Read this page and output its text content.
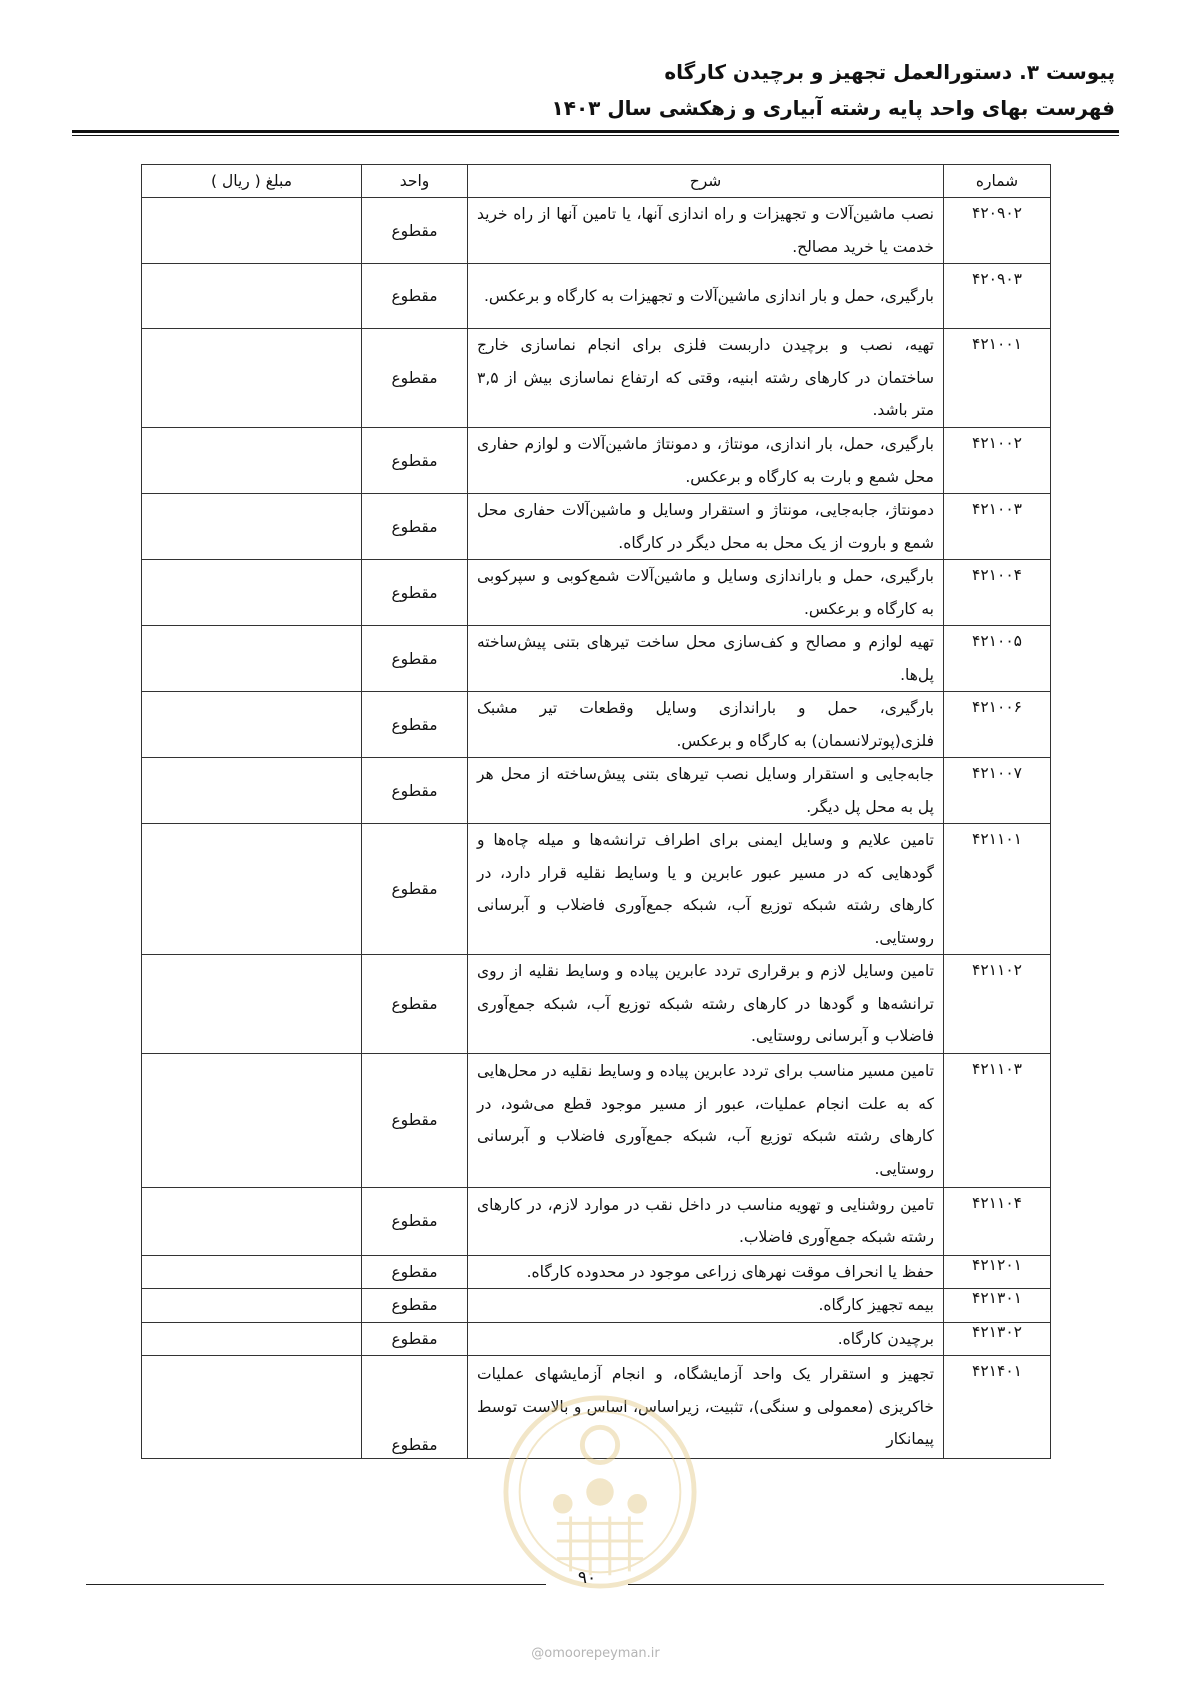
پیوست ۳. دستورالعمل تجهیز و برچیدن کارگاه
فهرست بهای واحد پایه رشته آبیاری و زهکشی سال ۱۴۰۳
شماره	شرح	واحد	مبلغ ( ریال )
۴۲۰۹۰۲	نصب ماشین‌آلات و تجهیزات و راه اندازی آنها، یا تامین آنها از راه خرید خدمت یا خرید مصالح.	مقطوع	
۴۲۰۹۰۳	بارگیری، حمل و بار اندازی ماشین‌آلات و تجهیزات به کارگاه و برعکس.	مقطوع	
۴۲۱۰۰۱	تهیه، نصب و برچیدن داربست فلزی برای انجام نماسازی خارج ساختمان در کارهای رشته ابنیه، وقتی که ارتفاع نماسازی بیش از ۳,۵ متر باشد.	مقطوع	
۴۲۱۰۰۲	بارگیری، حمل، بار اندازی، مونتاژ، و دمونتاژ ماشین‌آلات و لوازم حفاری محل شمع و بارت به کارگاه و برعکس.	مقطوع	
۴۲۱۰۰۳	دمونتاژ، جابه‌جایی، مونتاژ و استقرار وسایل و ماشین‌آلات حفاری محل شمع و باروت از یک محل به محل دیگر در کارگاه.	مقطوع	
۴۲۱۰۰۴	بارگیری، حمل و باراندازی وسایل و ماشین‌آلات شمع‌کوبی و سپرکوبی به کارگاه و برعکس.	مقطوع	
۴۲۱۰۰۵	تهیه لوازم و مصالح و کف‌سازی محل ساخت تیرهای بتنی پیش‌ساخته پل‌ها.	مقطوع	
۴۲۱۰۰۶	بارگیری، حمل و باراندازی وسایل وقطعات تیر مشبک فلزی(پوترلانسمان) به کارگاه و برعکس.	مقطوع	
۴۲۱۰۰۷	جابه‌جایی و استقرار وسایل نصب تیرهای بتنی پیش‌ساخته از محل هر پل به محل پل دیگر.	مقطوع	
۴۲۱۱۰۱	تامین علایم و وسایل ایمنی برای اطراف ترانشه‌ها و میله چاه‌ها و گودهایی که در مسیر عبور عابرین و یا وسایط نقلیه قرار دارد، در کارهای رشته شبکه توزیع آب، شبکه جمع‌آوری فاضلاب و آبرسانی روستایی.	مقطوع	
۴۲۱۱۰۲	تامین وسایل لازم و برقراری تردد عابرین پیاده و وسایط نقلیه از روی ترانشه‌ها و گودها در کارهای رشته شبکه توزیع آب، شبکه جمع‌آوری فاضلاب و آبرسانی روستایی.	مقطوع	
۴۲۱۱۰۳	تامین مسیر مناسب برای تردد عابرین پیاده و وسایط نقلیه در محل‌هایی که به علت انجام عملیات، عبور از مسیر موجود قطع می‌شود، در کارهای رشته شبکه توزیع آب، شبکه جمع‌آوری فاضلاب و آبرسانی روستایی.	مقطوع	
۴۲۱۱۰۴	تامین روشنایی و تهویه مناسب در داخل نقب در موارد لازم، در کارهای رشته شبکه جمع‌آوری فاضلاب.	مقطوع	
۴۲۱۲۰۱	حفظ یا انحراف موقت نهرهای زراعی موجود در محدوده کارگاه.	مقطوع	
۴۲۱۳۰۱	بیمه تجهیز کارگاه.	مقطوع	
۴۲۱۳۰۲	برچیدن کارگاه.	مقطوع	
۴۲۱۴۰۱	تجهیز و استقرار یک واحد آزمایشگاه، و انجام آزمایشهای عملیات خاکریزی (معمولی و سنگی)، تثبیت، زیراساس، اساس و بالاست توسط پیمانکار	مقطوع	
۹۰
@omoorepeyman.ir
